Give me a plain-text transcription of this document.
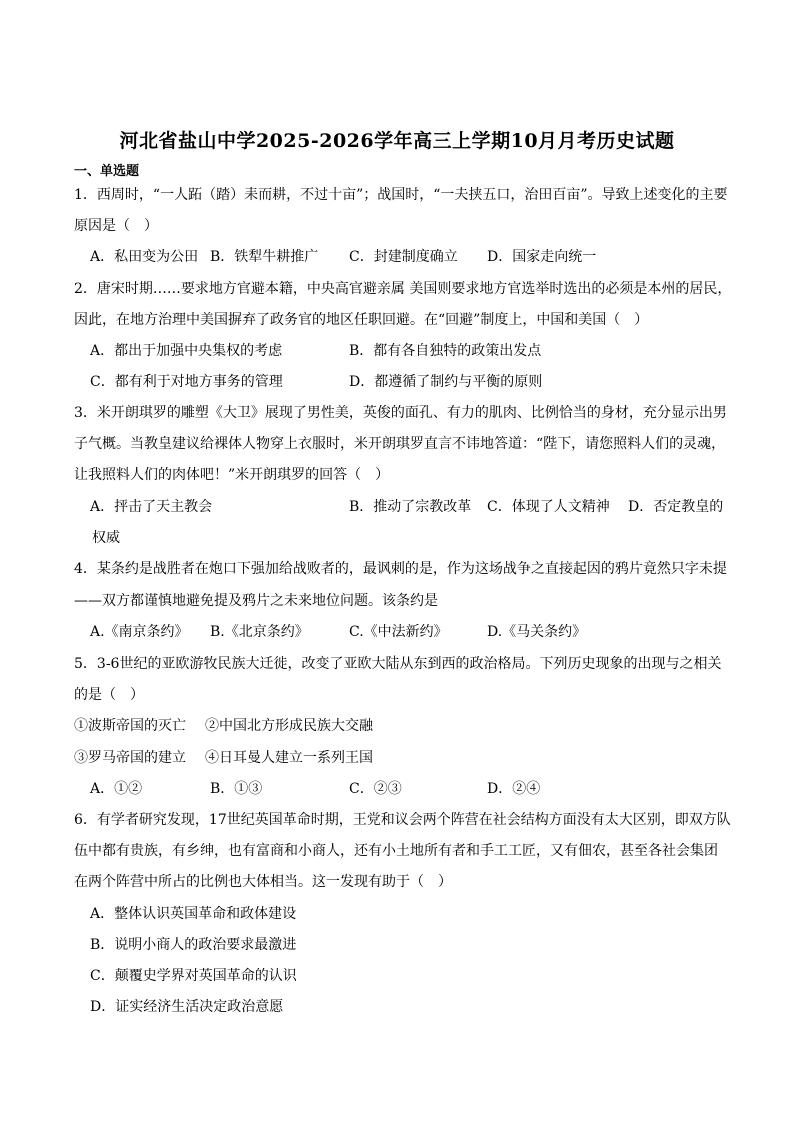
河北省盐山中学2025-2026学年高三上学期10月月考历史试题
一、单选题
1．西周时，“一人跖（踏）耒而耕，不过十亩”；战国时，“一夫挟五口，治田百亩”。导致上述变化的主要
原因是（　）
A．私田变为公田 B．铁犁牛耕推广 C．封建制度确立 D．国家走向统一
2．唐宋时期……要求地方官避本籍，中央高官避亲属 美国则要求地方官选举时选出的必须是本州的居民，
因此，在地方治理中美国摒弃了政务官的地区任职回避。在“回避”制度上，中国和美国（　）
A．都出于加强中央集权的考虑	B．都有各自独特的政策出发点
C．都有利于对地方事务的管理	D．都遵循了制约与平衡的原则
3．米开朗琪罗的雕塑《大卫》展现了男性美，英俊的面孔、有力的肌肉、比例恰当的身材，充分显示出男
子气概。当教皇建议给裸体人物穿上衣服时，米开朗琪罗直言不讳地答道：“陛下，请您照料人们的灵魂，
让我照料人们的肉体吧！”米开朗琪罗的回答（　）
A．抨击了天主教会	B．推动了宗教改革 C．体现了人文精神 D．否定教皇的
权威
4．某条约是战胜者在炮口下强加给战败者的，最讽刺的是，作为这场战争之直接起因的鸦片竟然只字未提
——双方都谨慎地避免提及鸦片之未来地位问题。该条约是
A.《南京条约》 B.《北京条约》	C.《中法新约》	D.《马关条约》
5．3-6世纪的亚欧游牧民族大迁徙，改变了亚欧大陆从东到西的政治格局。下列历史现象的出现与之相关
的是（　）
①波斯帝国的灭亡 ②中国北方形成民族大交融
③罗马帝国的建立 ④日耳曼人建立一系列王国
A．①②	B．①③	C．②③	D．②④
6．有学者研究发现，17世纪英国革命时期，王党和议会两个阵营在社会结构方面没有太大区别，即双方队
伍中都有贵族，有乡绅，也有富商和小商人，还有小土地所有者和手工工匠，又有佃农，甚至各社会集团
在两个阵营中所占的比例也大体相当。这一发现有助于（　）
A．整体认识英国革命和政体建设
B．说明小商人的政治要求最激进
C．颠覆史学界对英国革命的认识
D．证实经济生活决定政治意愿
